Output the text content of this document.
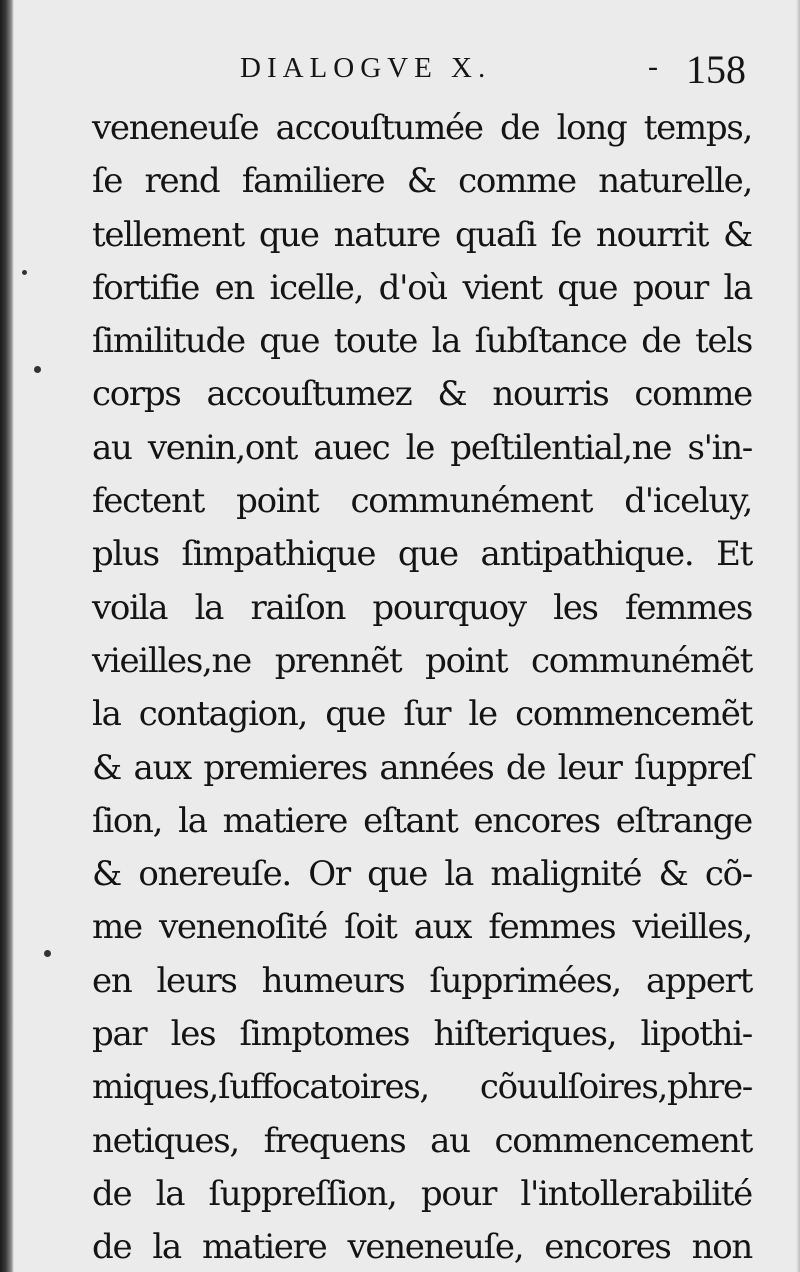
DIALOGVE X.	- 158
veneneuſe accouſtumée de long temps,
ſe rend familiere & comme naturelle,
tellement que nature quaſi ſe nourrit &
fortifie en icelle, d'où vient que pour la
ſimilitude que toute la ſubſtance de tels
corps accouſtumez & nourris comme
au venin,ont auec le peſtilential,ne s'in-
fectent point communément d'iceluy,
plus ſimpathique que antipathique. Et
voila la raiſon pourquoy les femmes
vieilles,ne prennẽt point communémẽt
la contagion, que ſur le commencemẽt
& aux premieres années de leur ſuppreſ
ſion, la matiere eſtant encores eſtrange
& onereuſe. Or que la malignité & cõ-
me venenoſité ſoit aux femmes vieilles,
en leurs humeurs ſupprimées, appert
par les ſimptomes hiſteriques, lipothi-
miques,ſuffocatoires, cõuulſoires,phre-
netiques, frequens au commencement
de la ſuppreſſion, pour l'intollerabilité
de la matiere veneneuſe, encores non
